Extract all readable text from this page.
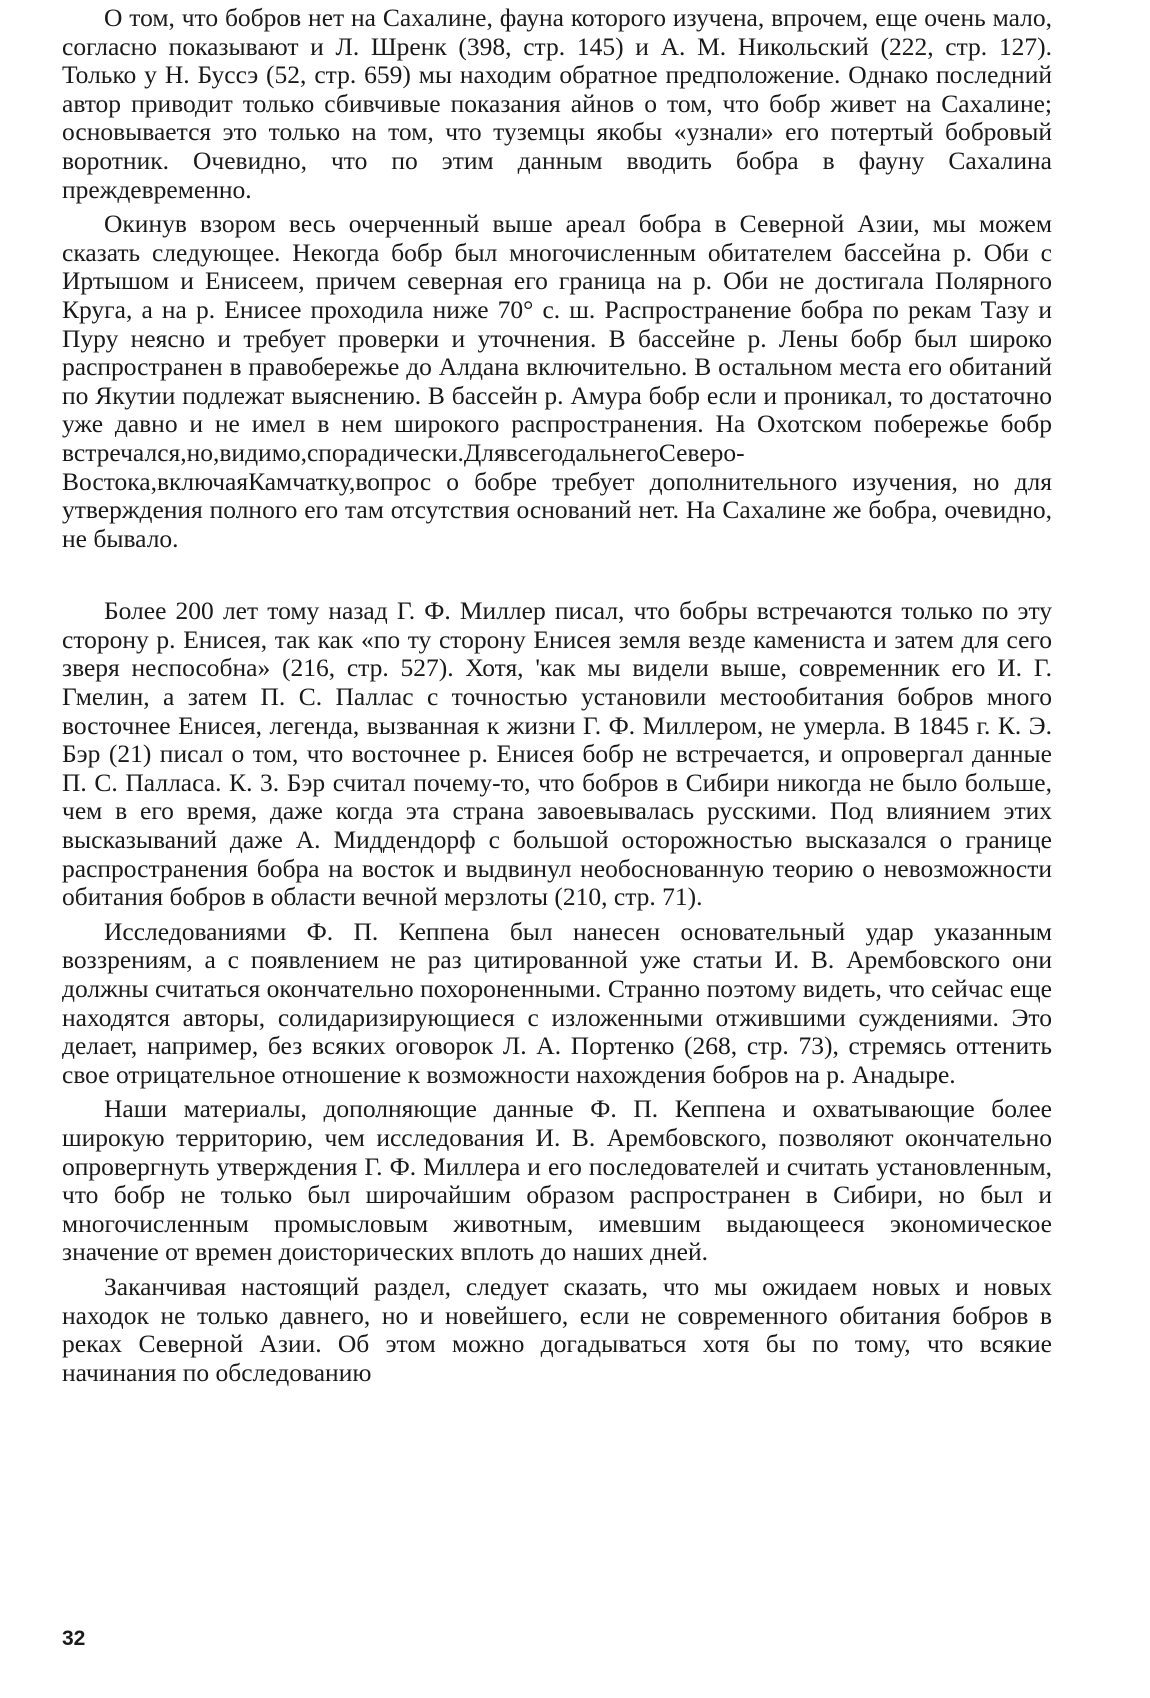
О том, что бобров нет на Сахалине, фауна которого изучена, впрочем, еще очень мало, согласно показывают и Л. Шренк (398, стр. 145) и А. М. Никольский (222, стр. 127). Только у Н. Буссэ (52, стр. 659) мы находим обратное предположение. Однако последний автор приводит только сбивчивые показания айнов о том, что бобр живет на Сахалине; основывается это только на том, что туземцы якобы «узнали» его потертый бобровый воротник. Очевидно, что по этим данным вводить бобра в фауну Сахалина преждевременно.

Окинув взором весь очерченный выше ареал бобра в Северной Азии, мы можем сказать следующее. Некогда бобр был многочисленным обитателем бассейна р. Оби с Иртышом и Енисеем, причем северная его граница на р. Оби не достигала Полярного Круга, а на р. Енисее проходила ниже 70° с. ш. Распространение бобра по рекам Тазу и Пуру неясно и требует проверки и уточнения. В бассейне р. Лены бобр был широко распространен в правобережье до Алдана включительно. В остальном места его обитаний по Якутии подлежат выяснению. В бассейн р. Амура бобр если и проникал, то достаточно уже давно и не имел в нем широкого распространения. На Охотском побережье бобр встречался,но,видимо,спорадически.ДлявсегодальнегоСеверо-Востока,включаяКамчатку,вопрос о бобре требует дополнительного изучения, но для утверждения полного его там отсутствия оснований нет. На Сахалине же бобра, очевидно, не бывало.

Более 200 лет тому назад Г. Ф. Миллер писал, что бобры встречаются только по эту сторону р. Енисея, так как «по ту сторону Енисея земля везде камениста и затем для сего зверя неспособна» (216, стр. 527). Хотя, 'как мы видели выше, современник его И. Г. Гмелин, а затем П. С. Паллас с точностью установили местообитания бобров много восточнее Енисея, легенда, вызванная к жизни Г. Ф. Миллером, не умерла. В 1845 г. К. Э. Бэр (21) писал о том, что восточнее р. Енисея бобр не встречается, и опровергал данные П. С. Палласа. К. 3. Бэр считал почему-то, что бобров в Сибири никогда не было больше, чем в его время, даже когда эта страна завоевывалась русскими. Под влиянием этих высказываний даже А. Миддендорф с большой осторожностью высказался о границе распространения бобра на восток и выдвинул необоснованную теорию о невозможности обитания бобров в области вечной мерзлоты (210, стр. 71).

Исследованиями Ф. П. Кеппена был нанесен основательный удар указанным воззрениям, а с появлением не раз цитированной уже статьи И. В. Арембовского они должны считаться окончательно похороненными. Странно поэтому видеть, что сейчас еще находятся авторы, солидаризирующиеся с изложенными отжившими суждениями. Это делает, например, без всяких оговорок Л. А. Портенко (268, стр. 73), стремясь оттенить свое отрицательное отношение к возможности нахождения бобров на р. Анадыре.

Наши материалы, дополняющие данные Ф. П. Кеппена и охватывающие более широкую территорию, чем исследования И. В. Арембовского, позволяют окончательно опровергнуть утверждения Г. Ф. Миллера и его последователей и считать установленным, что бобр не только был широчайшим образом распространен в Сибири, но был и многочисленным промысловым животным, имевшим выдающееся экономическое значение от времен доисторических вплоть до наших дней.

Заканчивая настоящий раздел, следует сказать, что мы ожидаем новых и новых находок не только давнего, но и новейшего, если не современного обитания бобров в реках Северной Азии. Об этом можно догадываться хотя бы по тому, что всякие начинания по обследованию

32
